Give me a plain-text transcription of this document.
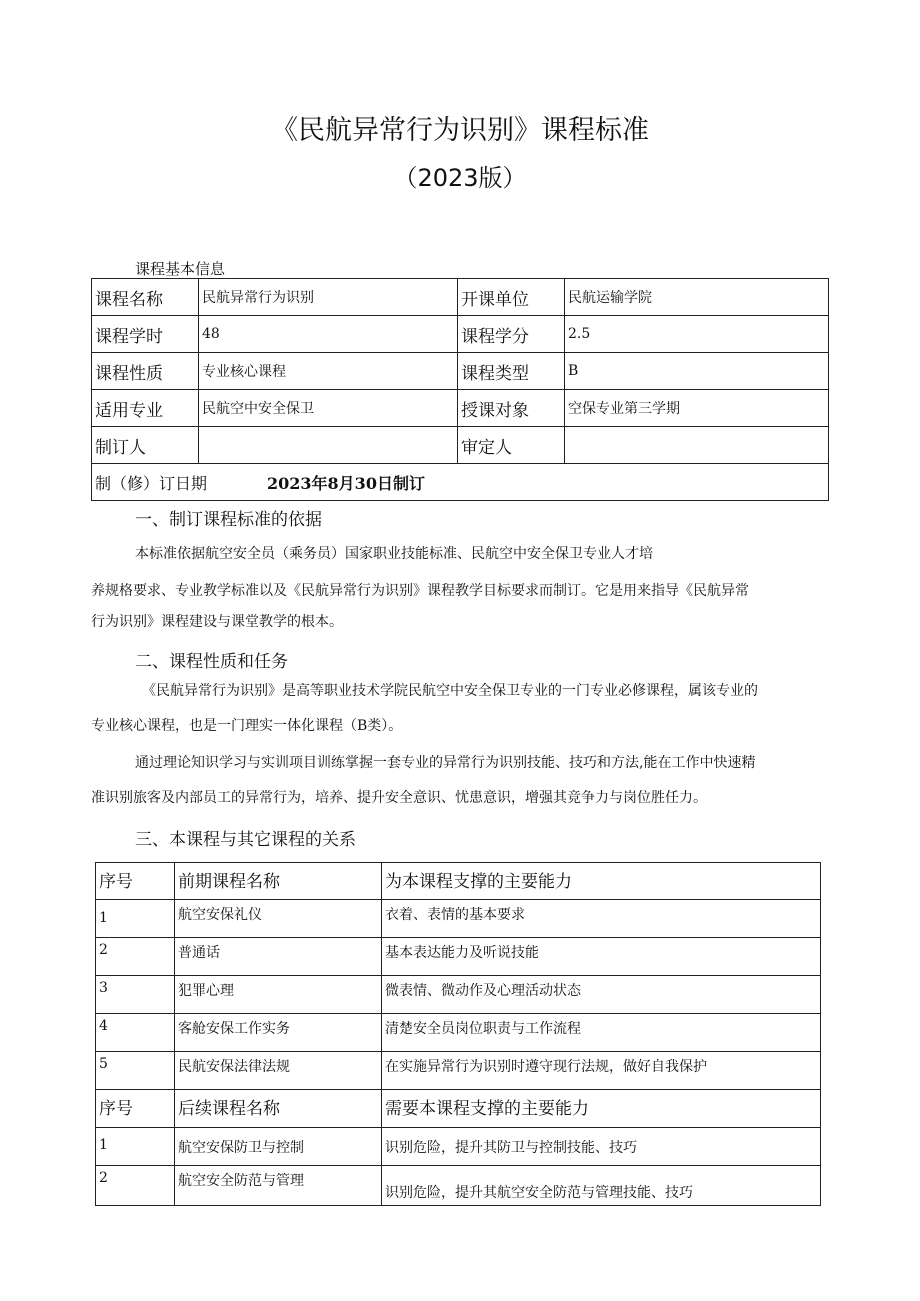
《民航异常行为识别》课程标准
（2023版）
课程基本信息
课程名称	民航异常行为识别	开课单位	民航运输学院
课程学时	48	课程学分	2.5
课程性质	专业核心课程	课程类型	B
适用专业	民航空中安全保卫	授课对象	空保专业第三学期
制订人		审定人	
制（修）订日期 2023年8月30日制订			
一、制订课程标准的依据
本标准依据航空安全员（乘务员）国家职业技能标准、民航空中安全保卫专业人才培
养规格要求、专业教学标准以及《民航异常行为识别》课程教学目标要求而制订。它是用来指导《民航异常
行为识别》课程建设与课堂教学的根本。
二、课程性质和任务
《民航异常行为识别》是高等职业技术学院民航空中安全保卫专业的一门专业必修课程，属该专业的
专业核心课程，也是一门理实一体化课程（B类）。
通过理论知识学习与实训项目训练掌握一套专业的异常行为识别技能、技巧和方法,能在工作中快速精
准识别旅客及内部员工的异常行为，培养、提升安全意识、忧患意识，增强其竞争力与岗位胜任力。
三、本课程与其它课程的关系
序号	前期课程名称	为本课程支撑的主要能力
1	航空安保礼仪	衣着、表情的基本要求
2	普通话	基本表达能力及听说技能
3	犯罪心理	微表情、微动作及心理活动状态
4	客舱安保工作实务	清楚安全员岗位职责与工作流程
5	民航安保法律法规	在实施异常行为识别时遵守现行法规，做好自我保护
序号	后续课程名称	需要本课程支撑的主要能力
1	航空安保防卫与控制	识别危险，提升其防卫与控制技能、技巧
2	航空安全防范与管理	识别危险，提升其航空安全防范与管理技能、技巧
